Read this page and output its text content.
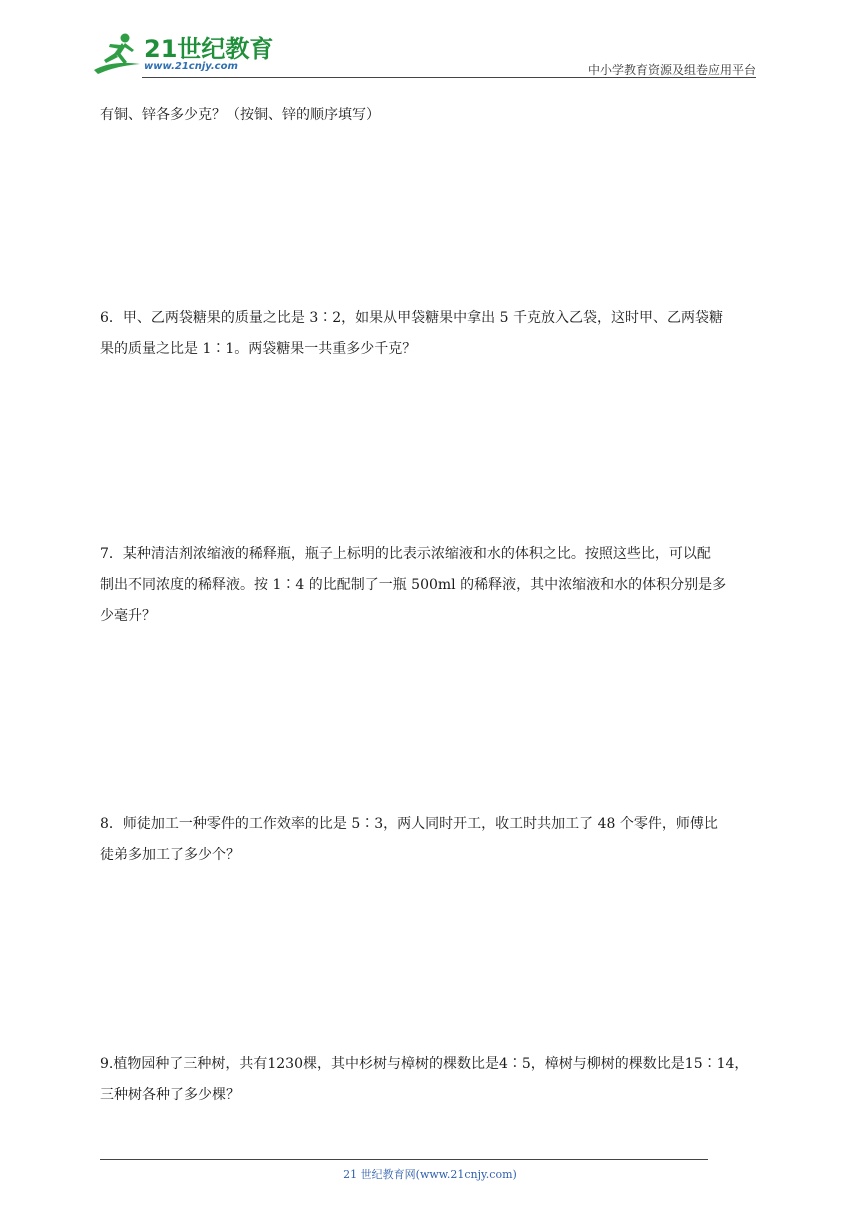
21世纪教育
www.21cnjy.com	中小学教育资源及组卷应用平台
有铜、锌各多少克？（按铜、锌的顺序填写）
6．甲、乙两袋糖果的质量之比是 3∶2，如果从甲袋糖果中拿出 5 千克放入乙袋，这时甲、乙两袋糖
果的质量之比是 1∶1。两袋糖果一共重多少千克？
7．某种清洁剂浓缩液的稀释瓶，瓶子上标明的比表示浓缩液和水的体积之比。按照这些比，可以配
制出不同浓度的稀释液。按 1∶4 的比配制了一瓶 500ml 的稀释液，其中浓缩液和水的体积分别是多
少毫升？
8．师徒加工一种零件的工作效率的比是 5∶3，两人同时开工，收工时共加工了 48 个零件，师傅比
徒弟多加工了多少个？
9.植物园种了三种树，共有1230棵，其中杉树与樟树的棵数比是4∶5，樟树与柳树的棵数比是15∶14，
三种树各种了多少棵？
21 世纪教育网(www.21cnjy.com)
